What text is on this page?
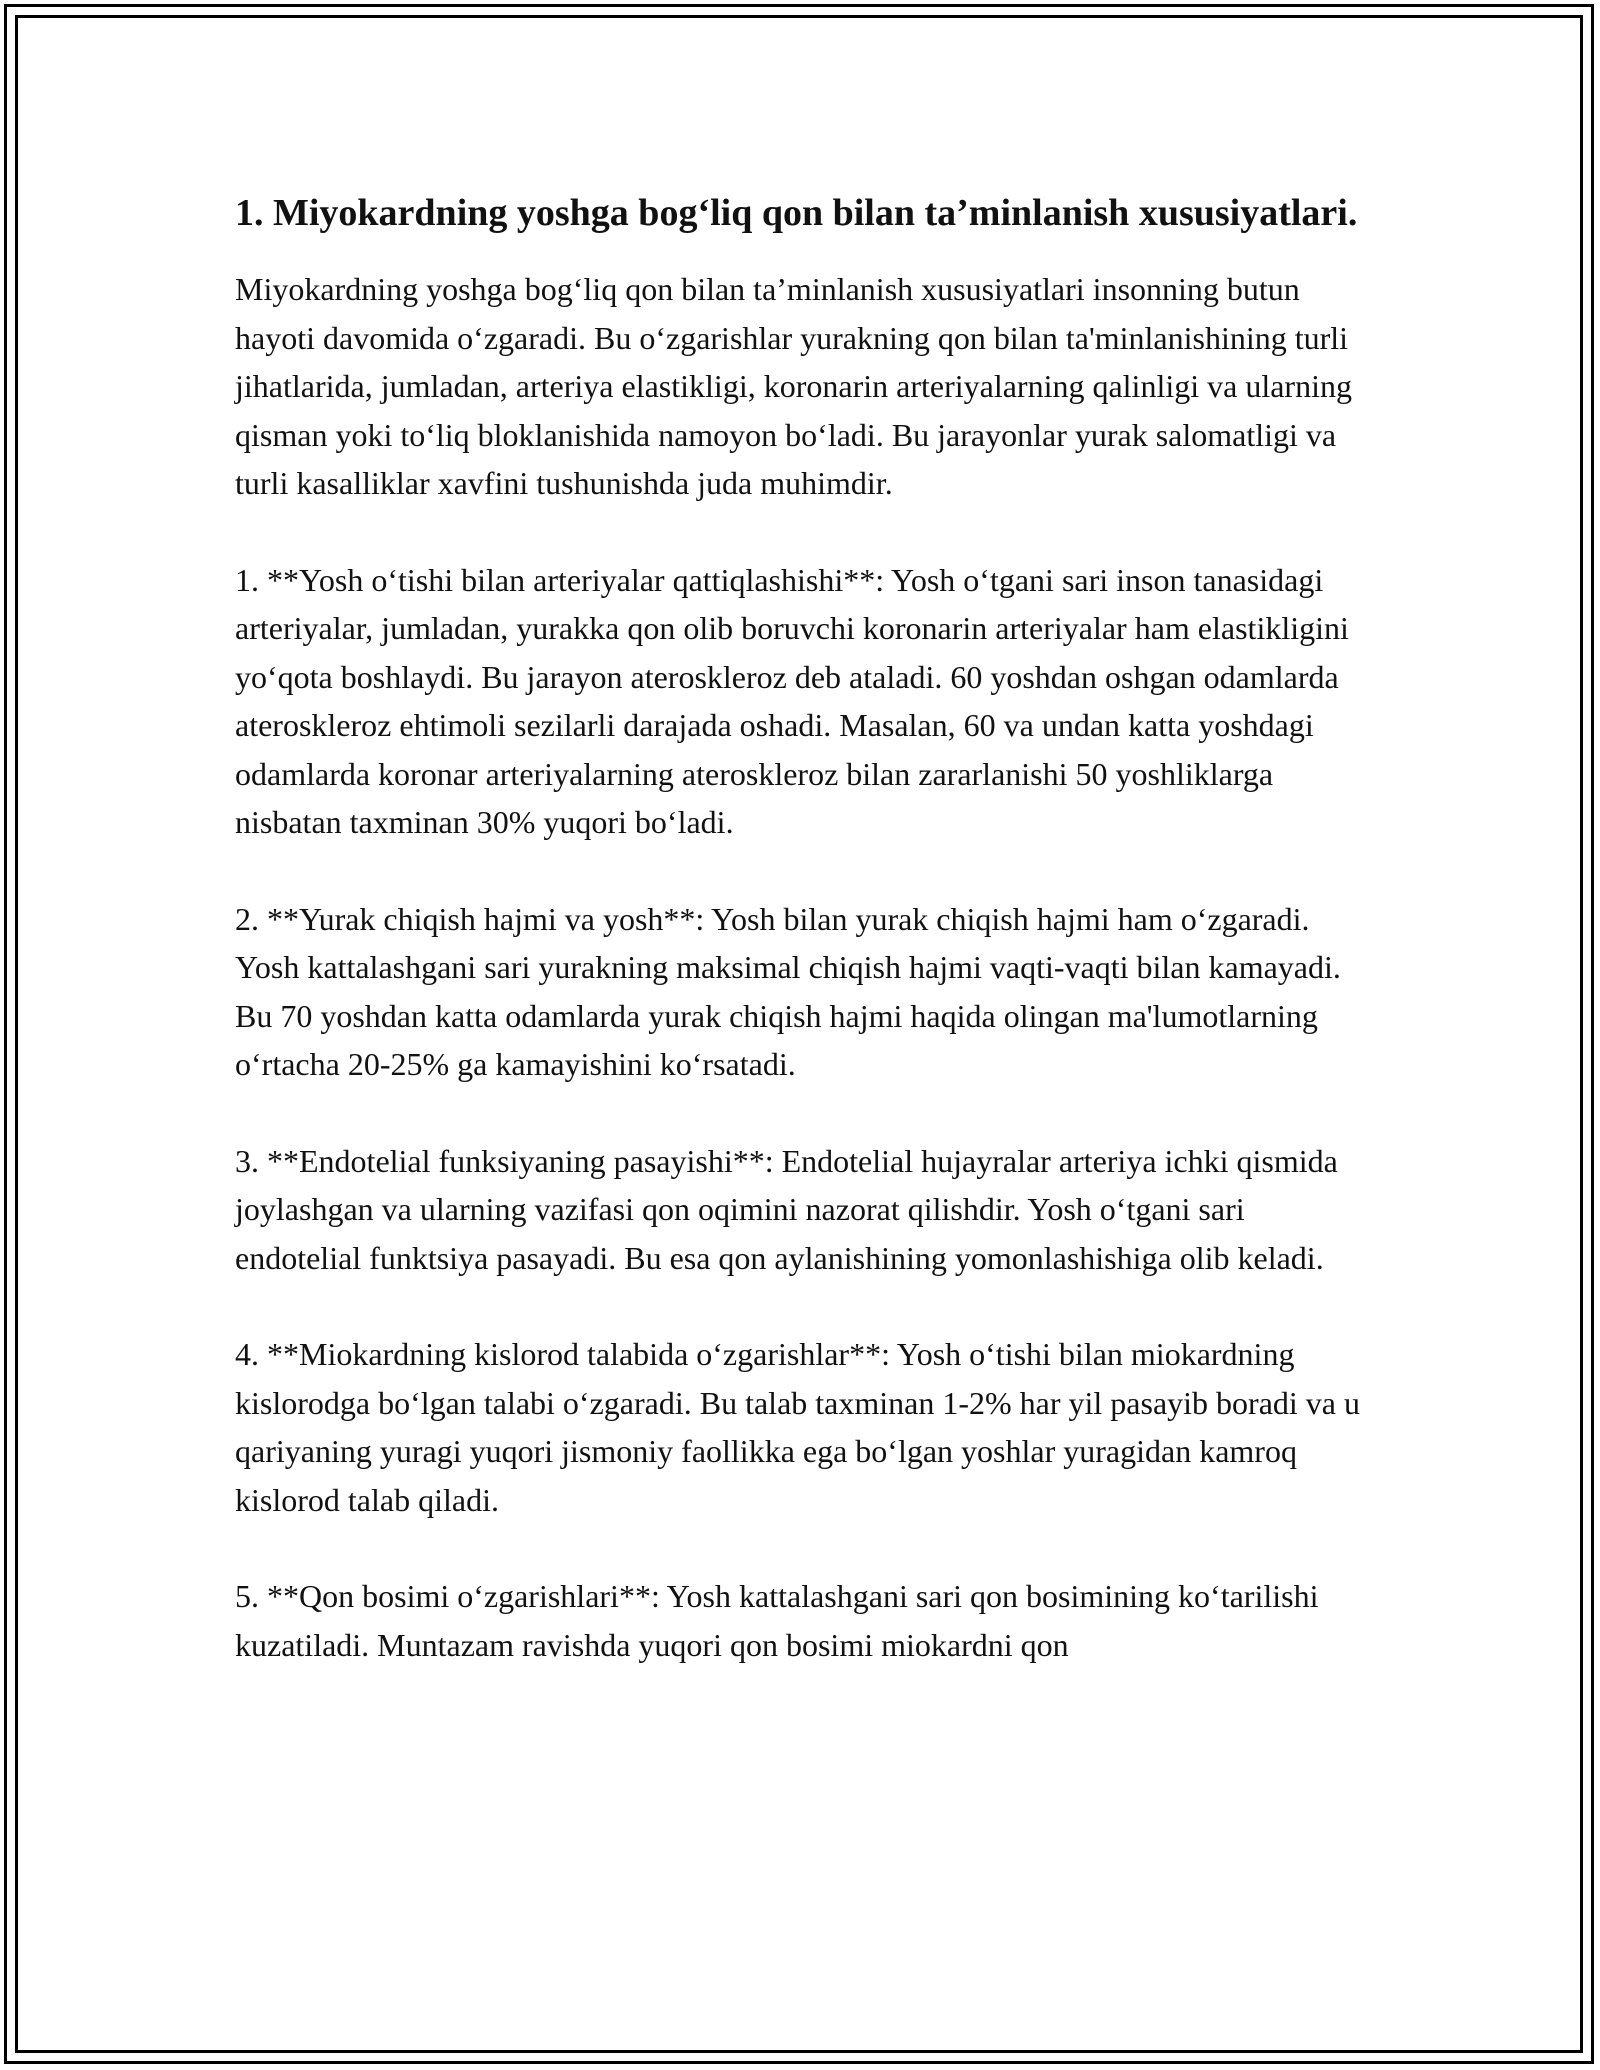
1. Miyokardning yoshga bog‘liq qon bilan ta’minlanish xususiyatlari.

Miyokardning yoshga bog‘liq qon bilan ta’minlanish xususiyatlari insonning butun hayoti davomida o‘zgaradi. Bu o‘zgarishlar yurakning qon bilan ta'minlanishining turli jihatlarida, jumladan, arteriya elastikligi, koronarin arteriyalarning qalinligi va ularning qisman yoki to‘liq bloklanishida namoyon bo‘ladi. Bu jarayonlar yurak salomatligi va turli kasalliklar xavfini tushunishda juda muhimdir.

1. **Yosh o‘tishi bilan arteriyalar qattiqlashishi**: Yosh o‘tgani sari inson tanasidagi arteriyalar, jumladan, yurakka qon olib boruvchi koronarin arteriyalar ham elastikligini yo‘qota boshlaydi. Bu jarayon ateroskleroz deb ataladi. 60 yoshdan oshgan odamlarda ateroskleroz ehtimoli sezilarli darajada oshadi. Masalan, 60 va undan katta yoshdagi odamlarda koronar arteriyalarning ateroskleroz bilan zararlanishi 50 yoshliklarga nisbatan taxminan 30% yuqori bo‘ladi.

2. **Yurak chiqish hajmi va yosh**: Yosh bilan yurak chiqish hajmi ham o‘zgaradi. Yosh kattalashgani sari yurakning maksimal chiqish hajmi vaqti-vaqti bilan kamayadi. Bu 70 yoshdan katta odamlarda yurak chiqish hajmi haqida olingan ma'lumotlarning o‘rtacha 20-25% ga kamayishini ko‘rsatadi.

3. **Endotelial funksiyaning pasayishi**: Endotelial hujayralar arteriya ichki qismida joylashgan va ularning vazifasi qon oqimini nazorat qilishdir. Yosh o‘tgani sari endotelial funktsiya pasayadi. Bu esa qon aylanishining yomonlashishiga olib keladi.

4. **Miokardning kislorod talabida o‘zgarishlar**: Yosh o‘tishi bilan miokardning kislorodga bo‘lgan talabi o‘zgaradi. Bu talab taxminan 1-2% har yil pasayib boradi va u qariyaning yuragi yuqori jismoniy faollikka ega bo‘lgan yoshlar yuragidan kamroq kislorod talab qiladi.

5. **Qon bosimi o‘zgarishlari**: Yosh kattalashgani sari qon bosimining ko‘tarilishi kuzatiladi. Muntazam ravishda yuqori qon bosimi miokardni qon
